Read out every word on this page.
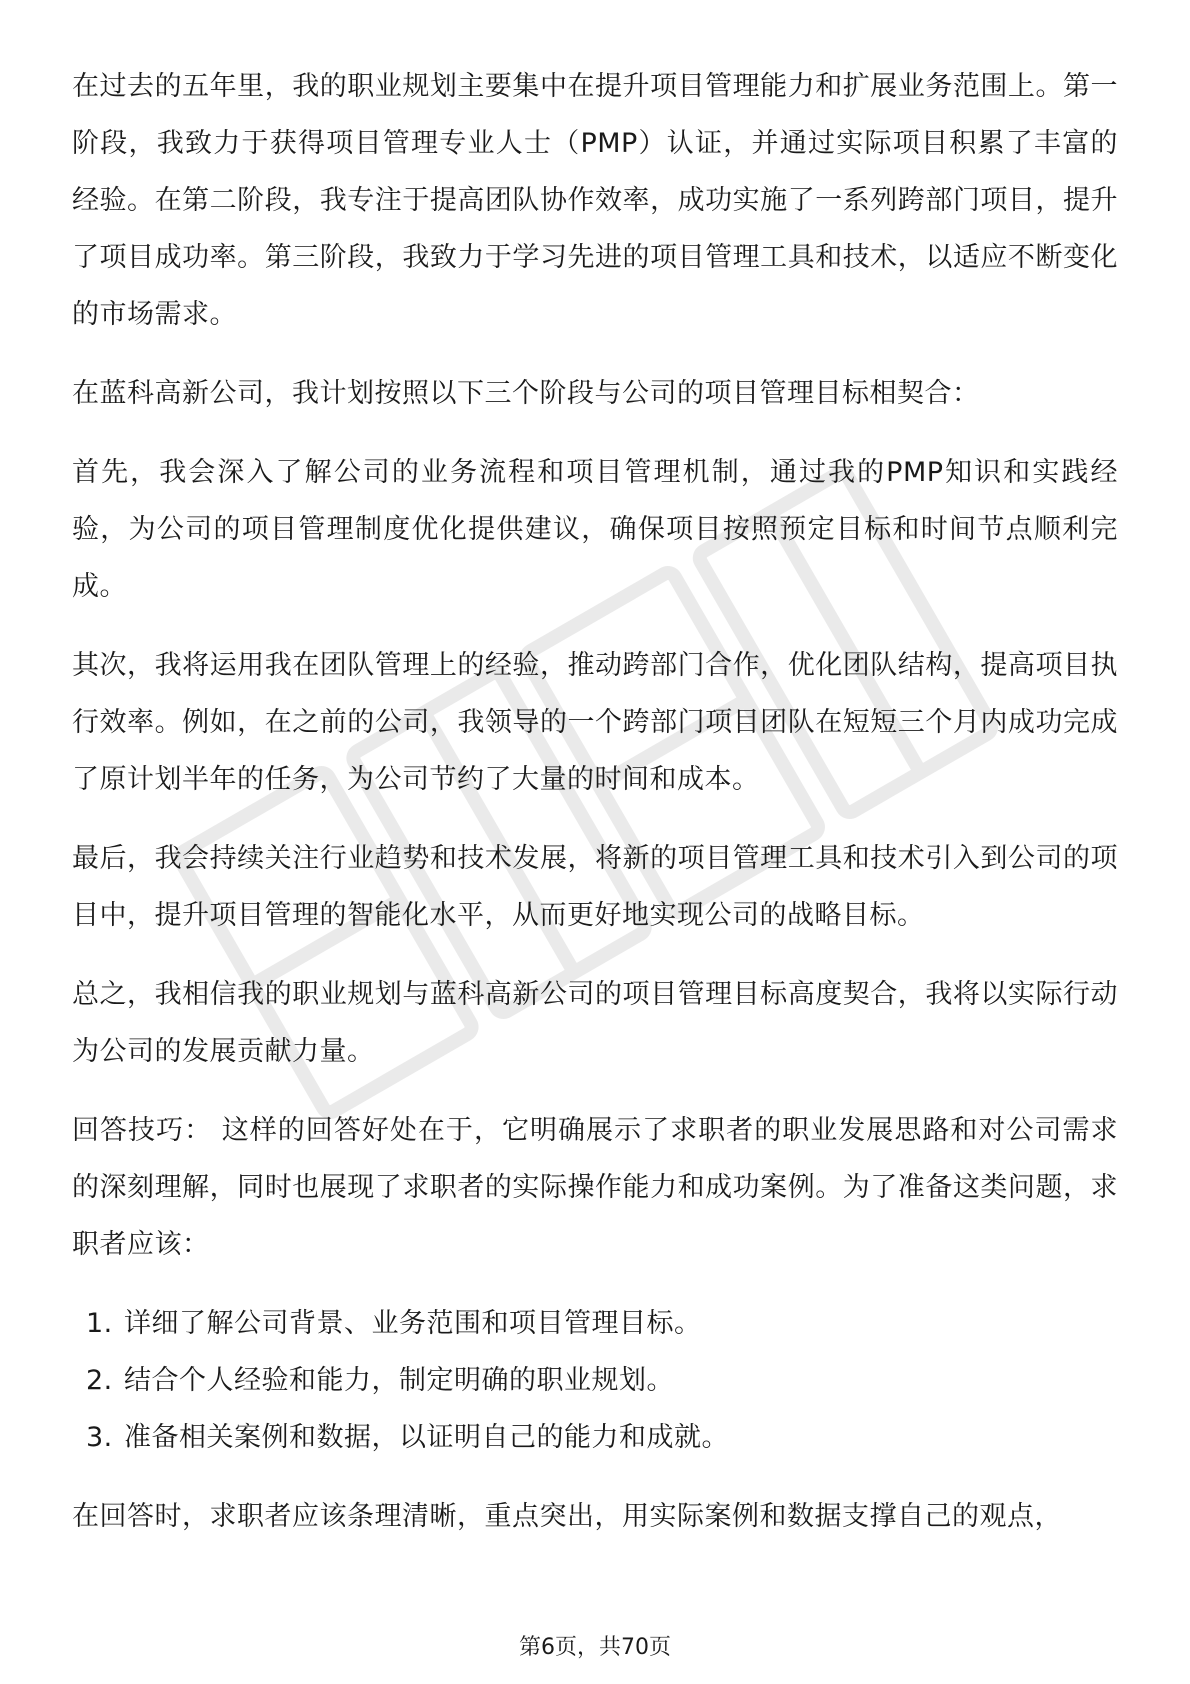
在过去的五年里，我的职业规划主要集中在提升项目管理能力和扩展业务范围上。第一阶段，我致力于获得项目管理专业人士（PMP）认证，并通过实际项目积累了丰富的经验。在第二阶段，我专注于提高团队协作效率，成功实施了一系列跨部门项目，提升了项目成功率。第三阶段，我致力于学习先进的项目管理工具和技术，以适应不断变化的市场需求。

在蓝科高新公司，我计划按照以下三个阶段与公司的项目管理目标相契合：

首先，我会深入了解公司的业务流程和项目管理机制，通过我的PMP知识和实践经验，为公司的项目管理制度优化提供建议，确保项目按照预定目标和时间节点顺利完成。

其次，我将运用我在团队管理上的经验，推动跨部门合作，优化团队结构，提高项目执行效率。例如，在之前的公司，我领导的一个跨部门项目团队在短短三个月内成功完成了原计划半年的任务，为公司节约了大量的时间和成本。

最后，我会持续关注行业趋势和技术发展，将新的项目管理工具和技术引入到公司的项目中，提升项目管理的智能化水平，从而更好地实现公司的战略目标。

总之，我相信我的职业规划与蓝科高新公司的项目管理目标高度契合，我将以实际行动为公司的发展贡献力量。

回答技巧： 这样的回答好处在于，它明确展示了求职者的职业发展思路和对公司需求的深刻理解，同时也展现了求职者的实际操作能力和成功案例。为了准备这类问题，求职者应该：

1. 详细了解公司背景、业务范围和项目管理目标。
2. 结合个人经验和能力，制定明确的职业规划。
3. 准备相关案例和数据，以证明自己的能力和成就。

在回答时，求职者应该条理清晰，重点突出，用实际案例和数据支撑自己的观点，

第6页，共70页
